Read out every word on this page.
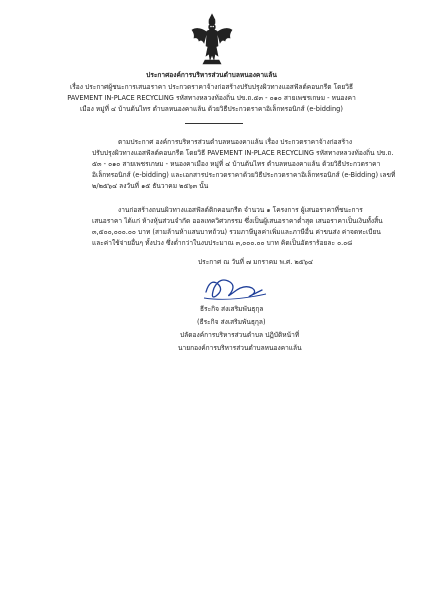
ประกาศองค์การบริหารส่วนตำบลหนองคาแล้น
เรื่อง ประกาศผู้ชนะการเสนอราคา ประกวดราคาจ้างก่อสร้างปรับปรุงผิวทางแอสฟัลต์คอนกรีต โดยวิธี
PAVEMENT IN-PLACE RECYCLING รหัสทางหลวงท้องถิ่น ปข.ถ.๕๓ - ๐๑๐ สายเพชรเกษม - หนองคา
เมือง หมู่ที่ ๔ บ้านต้นไทร ตำบลหนองคาแล้น ด้วยวิธีประกวดราคาอิเล็กทรอนิกส์ (e-bidding)
ตามประกาศ องค์การบริหารส่วนตำบลหนองคาแล้น เรื่อง ประกวดราคาจ้างก่อสร้าง
ปรับปรุงผิวทางแอสฟัลต์คอนกรีต โดยวิธี PAVEMENT IN-PLACE RECYCLING รหัสทางหลวงท้องถิ่น ปข.ถ.
๕๓ - ๐๑๐ สายเพชรเกษม - หนองคาเมือง หมู่ที่ ๔ บ้านต้นไทร ตำบลหนองคาแล้น ด้วยวิธีประกวดราคา
อิเล็กทรอนิกส์ (e-bidding) และเอกสารประกวดราคาด้วยวิธีประกวดราคาอิเล็กทรอนิกส์ (e-Bidding) เลขที่
๒/๒๕๖๔ ลงวันที่ ๑๕ ธันวาคม ๒๕๖๓ นั้น
งานก่อสร้างถนนผิวทางแอสฟัลต์ติกคอนกรีต จำนวน ๑ โครงการ ผู้เสนอราคาที่ชนะการ
เสนอราคา ได้แก่ ห้างหุ้นส่วนจำกัด ออลเทควิศวกรรม ซึ่งเป็นผู้เสนอราคาต่ำสุด เสนอราคาเป็นเงินทั้งสิ้น
๓,๕๐๐,๐๐๐.๐๐ บาท (สามล้านห้าแสนบาทถ้วน) รวมภาษีมูลค่าเพิ่มและภาษีอื่น ค่าขนส่ง ค่าจดทะเบียน
และค่าใช้จ่ายอื่นๆ ทั้งปวง ซึ่งต่ำกว่าในงบประมาณ ๓,๐๐๐.๐๐ บาท คิดเป็นอัตราร้อยละ ๐.๐๘
ประกาศ ณ วันที่ ๗ มกราคม พ.ศ. ๒๕๖๔
ธีระกิจ ส่งเสริมพันธุกุล
(ธีระกิจ ส่งเสริมพันธุกุล)
ปลัดองค์การบริหารส่วนตำบล ปฏิบัติหน้าที่
นายกองค์การบริหารส่วนตำบลหนองคาแล้น
